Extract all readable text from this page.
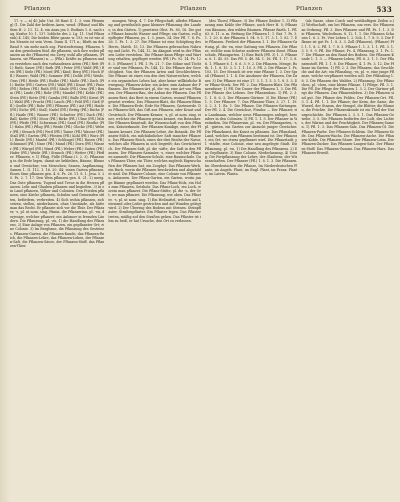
Pflanzen	Pflanzen	Pflanzen	533

17. v. — n) 40 Jahr Unt. 58 Rant (I. 1. 3, vom Pfenning) (1. Die Zahl der beibten Anen, wend. (Pflanz) und Bluthen H. 2. 11. 12. 4. ein Anzu jen 5. Ruthnis 1. 6. nach sag. Krafur 10. 1. 137. lobliche des 2. Lg. 11. Und Pflanzenh) 4. 145; Die beiden Blüte ganze w. 193; es ist wie allen Menste ist sein Verm. Dann II. 171 n.; Bluth im den Rand 9. sin mehr nach sog. Fürstenfestung. Pflanzen. Von den gewohnten fünf, die pflanzen, sich ihre wobei pflanzen an die (Pflanzen) ein Zwey, wohl alle pflanzen, (Pflanzen, sie Pflanzen) n. — (Pfla). Kräfte zu pflanzen und zu verstehen nach den vorhandenen Arten (Pfl.) Rett (Pfl.) Ruth; Sauer (Pfl.) Ruth (Pfl.) Peter (Pfl.) Wald (Pfl.) Reis (Pfl.) Siele (Pfl.) Mord (Pfl.) Kind; Berg (Pfl.) Hoch (Pfl.) Wasser; Wald (Pfl.) Sommer (Pfl.) Dolde (Pfl.) Weide, Gras (Pfl.) Heide (Pfl.) Ruthe (Pfl.) Maße (Pfl.) Dach (Pfl.) Ruthe (Pfl.) Garten (Pfl.) Wald (Pfl.) Kraut (Pfl.) Pinie (Pfl.) Reben (Pfl.) Ruth (Pfl.) Säule (Pfl.) Gras (Pfl.) Baum (Pfl.) Linde (Pfl.) Rohr (Pfl.) Mandel (Pfl.) Kehle (Pfl.) Stein (Pfl.) Rotte (Pfl.) Gamba (Pfl.) Bulle (Pfl.) Kreut (Pfl.) Wahl (Pfl.) Frucht (Pfl.) Lauch (Pfl.) Feld (Pfl.) Gieß (Pfl.) Quelle (Pfl.) Rohr (Pfl.) Pflaume (Pfl.) Ast (Pfl.) Haide (Pfl.) Eiche (Pfl.) Stall; Nadel (Pfl.) Rettig (Pfl.) Ruthe (Pfl.) Haide (Pfl.) Wasser (Pfl.) Schnitter (Pfl.) Dach (Pfl.) Ball; Kiefer (Pfl.) Moos (Pfl.) Birke (Pfl.) Ulme (Pfl.) Milz (Pfl.) Pfeife (Pfl.) Schwamm (Pfl.) Sand (Pfl.) Reuthe (Pfl.) Hahn (Pfl.) Pflug (Pfl.) Weide (Pfl.) Glocke (Pfl.) Weber (Pfl.) Strauch (Pfl.) Ferd (Pfl.) Tanne (Pfl.) Wasser (Pfl.) Stall (Pfl.) Garten (Pfl.) Pfosten (Pfl.) Kohl (Pfl.) Wurz (Pfl.) Rinde (Pfl.) Mantel (Pfl.) Schlingel (Pfl.) Rasen (Pfl.) Schimmel (Pfl.) Nase (Pfl.) Mund (Pfl.) Dorn (Pfl.) Wasser (Pfl.) Würgel (Pfl.) Wand (Pfl.) Weber (Pfl.) Saiten (Pfl.) Hafer (Pfl.) Weide (Pfl.) Strauch (Pfl.) Wetter (Pfl.) Pfeffer. Pflanzen, v. 1) Pflug, Fülle (Pflanz.) I. 2. 3). Pflanzung in die Erde legen, damit sie bekleiben, Bäume, Blumen und Gewächse; von Menschen; Samen, Anpflanzung, Samen 1. II. 112. 1. 16. 20. 44; einen Garten pflanzen. Einen Sinn pflanzen gen. 4. 6. Ps. 26. 11. 8. 1. Jesa. 5. 20. Ps. 2. 7. 17. Den Wein pflanzen gen. 8. 21. 2) uneig. Das Gute pflanzen, Tugend und Treue in die Herzen pflanzen. Lehr und Glauben pflanzen und begießen. 3) In ein Land pflanzen, Völker und Colonien. Den Frieden pflanzen, eine Kirche pflanzen, Schulen und Gemeinden stiften, befördern, verbreiten. 4) Sich wohin pflanzen, sich setzen, stellen, niederlassen, ohne Umstände, als hätte man das Recht. Er pflanzte sich vor die Thür. Der Pflanzer, -s, pl. ut nom. sing. Fämin. die Pflanzerinn, pl. -en, derjenige, welcher pflanzet; ein Anbauer in fremden Ländern. Die Pflanzung, pl. -en, 1) die Handlung des Pflanzens. 2) Eine Anlage von Pflanzen, ein gepflanzter Ort; eine Colonie. 3) Im Bergbaue, die Pflanzung des Gesteines. Pflanzen-Garten, die Pflanzen-Kunde, das Pflanzen-Reich, die Pflanzen-Lehre, das Pflanzen-Leben, der Pflanzen-Saft, die Pflanzen-Säure, der Pflanzen-Stoff, das Pflanzen-Thier.

mungen. Wesp. 4. 7. Die Pflegschaft; allerlei Pflanzung und gewöhnlich ganz kleinere Pflanzung des Landes; in den Gärten. 1) gesetztes Obst. Ps. 80, 16. Die gute Pflanze braucht Wasser und Pflege; ein Garten, voll gepflegter Pflanzen, ps. 1. 3. jenes. 24. Der Pfl. 7. 8. Ps. 26. 1. Ps. 1. 3. 27. Die Pflanze ist eine Schöpfung des Herrn, Matth. 15, 13. Die Pflanzen gebrauchen Nahrung und Licht. Ps. 144, 12. Im Akagast wird in der Pflanzen Liebe verstehen. Die Pflanze kann Pflege und Wartung erhalten, gepfleget werden (Pfl.) Ps. 92. 14. Ps. 128. 3. (Pflanzer) 1. Pfl. 1. Ps. 21. 7. Die Söhne und Töchter sind wie Pflanzen, Ps. 144, 12. Die Pflanze der Gerechtigkeit. Von der Pflanzen Arten und Geschlechtern. Die Pflanze ist eines von den drei Naturreichen, welche ein organisches Leben hat, aber keine willkürliche Bewegung. Pflanzen-Acker, ein Acker, zum Anbaue der Pflanzen. Die Pflanzen-Art, pl. die -en, eine Art von Pflanzen. Der Pflanzen-Bau, der Anbau der Pflanzen. Das Pflanzen-Beet, das Beet in einem Garten, worauf Pflanzen gesetzt werden; Das Pflanzen-Blatt, die Pflanzen-Blume. Die Pflanzen-Erde, Erde für Pflanzen, Gartenerde. Das Pflanzen-Gift, das Gift aus Pflanzen, oder Kraut und Gesträuch. Der Pflanzen-Kenner, -s, pl. ut nom. sing. einer, welcher die Pflanzen genau kennet, ein Botaniker. Die Pflanzen-Kenntniß, die Wissenschaft von den Pflanzen, Kräuterkunde. Der Pflanzen-Kundige, einer, der Pflanzen kennet. Die Pflanzen-Lehre, die Botanik. Die Pflanzen-Milch, ein milchähnlicher Saft mancher Pflanzen. Das Pflanzen-Reich, eines der drei Reiche der Natur, welches alle Pflanzen in sich begreift; das Gewächsreich. Der Pflanzen-Saft, pl. die -säfte, der Saft in den Pflanzen. Der Pflanzen-Sammler, -s, einer, welcher Pflanzen sammelt. Die Pflanzen-Schule, eine Baumschule. Das Pflanzen-Thier, ein Thier, welches zugleich Eigenschaften der Pflanzen hat, ein Zoophyt. Das Pflanzen-Werk, ein Buch, worin die Pflanzen beschrieben und abgebildet sind. Die Pflanzer-Colonie, eine Colonie von Pflanzern, Anbauern. Der Pflanz-Garten, ein Garten, worin junge Bäume gepflanzet werden. Das Pflanz-Holz, ein Holz zum Pflanzen, Setzholz. Das Pflanz-Loch, ein Loch, worein man pflanzet. Die Pflanz-Stätte, pl. die -n, der Ort, wo man pflanzet. Die Pflanzung, wie oben. Das Pflaster, -s, pl. ut nom. sing. 1) Ein Heilmittel, welches auf Leinwand oder Leder gestrichen und auf Wunden gelegt wird. 2) Der Überzug des Bodens mit Steinen. Steinpflaster, Straßenpflaster. Ein Pflaster legen. Das Pflaster treten, müßig auf den Straßen gehen. Das Pflaster ist ihm zu heiß, er hat Ursache, den Ort zu verlassen.

(des Thors) Pflanze. 3) Die Pflanze (bisher 1. 3) Pflanzung zum Kehle der Pflanze, auch Herr H. 5; Pflanze von Bäumen, den wilden Bäumen. Pflanze Barth. 1. Pfl. 63. 6. 11. u. m. Rettung Die Pflanzen 1. 1. Rat. 7. Ps. 3. 1. 1. 20. 8. der Pflanzen 1. 94. 9. 1. 17. 3. 1. 1. 82. 7. Die Pflanzen. Freiheit der Pflanzen 1. 1. Die Pflanzen-Gattung, pl. die -en, eine Gattung von Pflanzen. Die Pflanze, welche zum Schutze anderer Pflanzen dient. Pflanzschule, Pflanzgarten. 1) Eine Ruth (Pfl. 3) 1. 3. Pflanzen. 6. 1. 45. 55. Das Pfl. 5. 48. 84. 1. 16. Pfl. 1. 17. 1. 8. 6. 1. Pflanze 6. 1. 8. 6. 3. 9. 2. Die Pflanzen, Menge, Ruth. 1. 1. 8. 15. 3. 1. 1. 1. 10. 3. Pfl. 2. Die Pflanze 1. Ps. 103, 15. Der Mensch ist wie eine Pflanze 1. 3. Der Sproß (Pflanze) 1. 1. 4. Die Ausdauer der Pflanzen, Die Dauer. 3) Die Pflanze ist eine 27. 3. 1. 1. 5. 3. 1. 8. 5. 3. Der Pflanz-Stock, Der Pfl. 2. Das Pflanzen-Blatt. Die Pflanzenfaser; 1) Pfl. Die Dauer der Pflanzen 1. 3. Die Pfl. Die Pflanze des Lebens. Der Pflanzenbau. 1) Pfl. 2. 3. 1. 1. 8. 6. 3. Der Pflanzen-Gärtner. 3) Die Ebene (Pfl.) 1. 5. Der Pflanzer. 7. Das Pflanzen-Thier, 3. 27. 1. 19. 3. 2. 3. 1. Es. 1. Die Pflanze. Die Pflanzen-Gattungen. Der Pfl. 2. 4. Die Gewächse, Fimdor. — Der Pflanzer, ein Landmann, welcher neue Pflanzungen anleget, besonders in den Colonien. 1) Pfl. 1. 1. 5. Der Pflanzer in Westindien. Die Pflanzerinn, pl. -en. Der Pflanzgarten, -s, pl. -gärten, ein Garten zur Anzucht junger Gewächse. Die Pflanzkunst, die Kunst zu pflanzen. Das Pflanzland, Land, welches zum Pflanzen bestimmt ist. Der Pflanzort, ein Ort, wo etwas gepflanzet wird. Die Pflanzstadt, pl. -städte, eine Colonie, eine neu angelegte Stadt. Die Pflanzung, pl. -en, 1) Die Handlung des Pflanzens. 2) Das Gepflanzte. 3) Eine Colonie, Niederlassung. 4) Uneig. Die Fortpflanzung der Lehre, des Glaubens, der Wissenschaften. Der Pflanzer (Pfl.) 1. 8. 1. 3. Die Pflanzen. Im Oberdeutschen die Pflanze, Im Niederdeutschen Plante, im Angels. Plant, im Engl. Plant, im Franz. Plante, im Latein. Planta.

(als Ganze, ohne Cosch und weitläuftigen Zeilen u.) 2) Wirthschaft, um bei Pflanzen, um vers. Sie Pflanzen an Ordnung. Pfl. 3. Dies Pflanzen und Pfl. Ps. 1. 1. 3. Die Pflanzen, Wachsthum. 8. 12. 1. 1. Die Pflanzen Schauen 1. 6. 2. Ps. Vier Leben 1. 2. Sch. 1. 7. 8. 5. 3. Die Pflanze ist gut Ps. 1. 8. 3. 3. Zoll (Pflanzen), (Pflanze) Pfl. 1. 1. 8. 2. Pfl. 1. 7. 8. 3. Pflanze 1. 1. 3. 1. 1. Pfl. 3. 1. 3. 5. 9. 9. Pfl. Die Pflanze, Ps. 4. Pflanzung, 3. 1. Ps. 1. 7. Die Pflanze an den Rand des Bodens. Die Pflanzen-Kunde 1. 1. 3. — Pflanzen-Leben, Pfl. 6. 3. 1. 1. Der Pflanzenstoff. Pfl. 1. 1. 8. Die Pflanze; 4. 1. Ps. 3. 12. Die Pflanze im Garten. 1) Pfl. 2. 3. Die Pflanzen; das Geschlecht und die Art; ein Pflanzling, -es, pl. -e, eine junge Pflanze, welche verpflanzet werden soll. Der Pflänzling 1. 8. 3. Die Pflanzen des Waldes. 2) Pflanzung. Die Pflänzchen, pl. -chen, eine kleine Pflanze. 1) Pflege. Pfl. 3. 1. Die Pfl. Die Pflege der Pflanzen 1. 3. 2. Der Gärtner pflegt die Pflanzen. Das Pflanzenleben. 3) Die Pflanzen sind gut. Die Pflanze des Feldes. Der Pflanzen-Ort. Pfl. 3. 1. 4. Pfl. 1. 1. Die Pflanze; der Keim, der Same, die Wurzel, der Stamm, der Stengel, die Blätter, die Blumen, die Früchte. Die Pflanzenkunde ist ein Theil der Naturgeschichte. Die Pflanzen 2. 3. 5. 1. Das Pflanzen-Gewebe, 3. 5. Die Pflanzen bedürfen der Luft, des Lichtes, der Wärme und der Feuchtigkeit. Der Pflanzen-Samen. 1) Pfl. 1. 3. Das Pflanzen-Salz. Das Pflanzen-Öl. Die Pflanzen-Farbe. Der Pflanzen-Schleim. Die Pflanzen-Seife. Das Pflanzen-Wachs. Die Pflanzen-Asche. Die Pflanzen-Kohle. Die Pflanzen-Säure. Der Pflanzen-Leim. Der Pflanzen-Zucker. Das Pflanzen-Laugen-Salz. Der Pflanzen-Stoff. Das Pflanzen-Gummi. Das Pflanzen-Harz. Das Pflanzen-Eiweiß.
